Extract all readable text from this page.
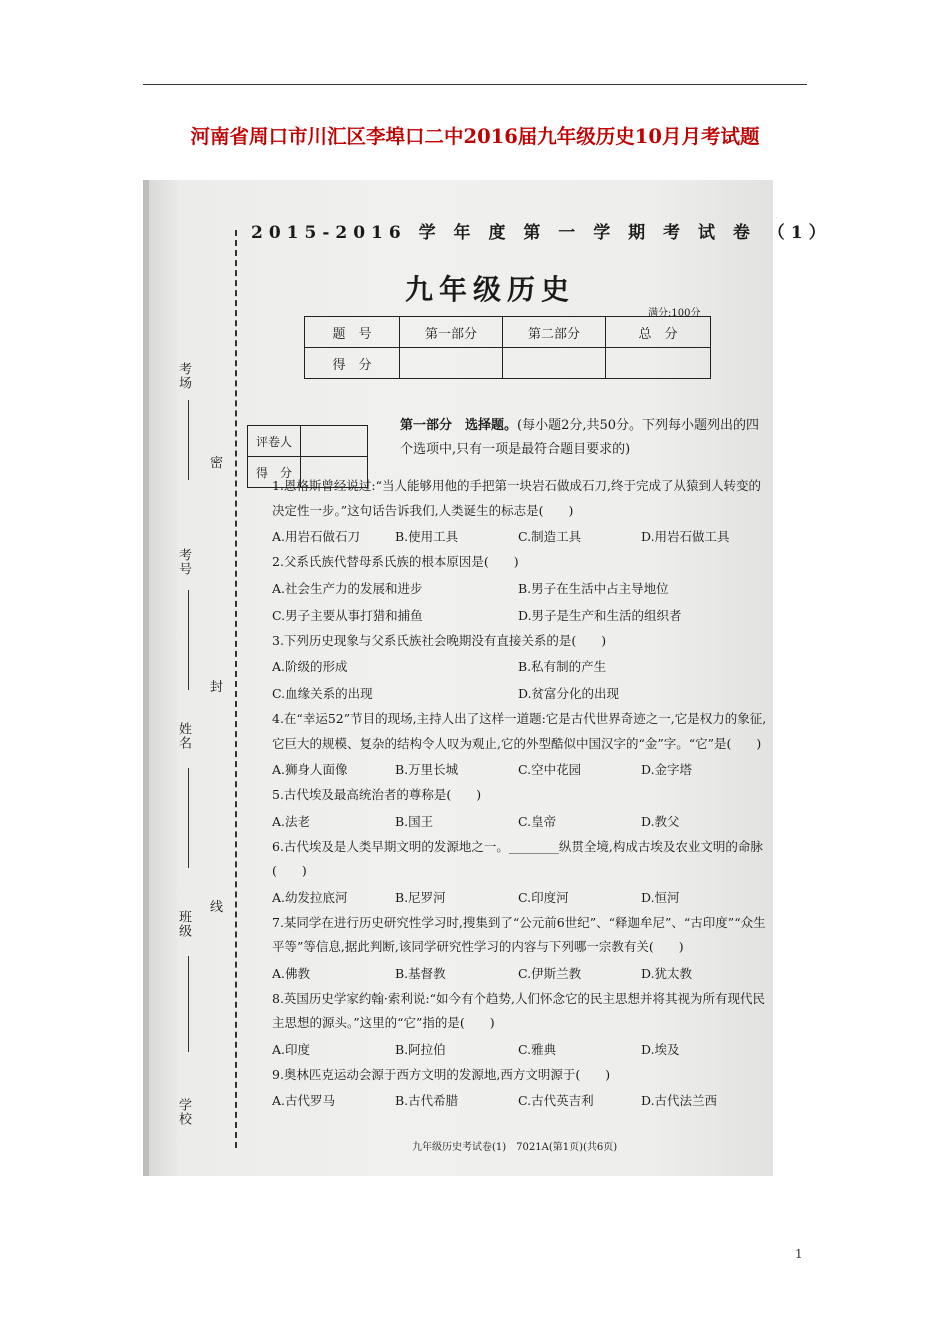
河南省周口市川汇区李埠口二中2016届九年级历史10月月考试题
考场
考号
姓名
班级
学校
密
封
线
2015-2016 学 年 度 第 一 学 期 考 试 卷 （1）
九年级历史
满分:100分
题　号	第一部分	第二部分	总　分
得　分			
评卷人	
得　分	
第一部分　选择题。(每小题2分,共50分。下列每小题列出的四个选项中,只有一项是最符合题目要求的)
1.恩格斯曾经说过:“当人能够用他的手把第一块岩石做成石刀,终于完成了从猿到人转变的决定性一步。”这句话告诉我们,人类诞生的标志是(　　)
A.用岩石做石刀	B.使用工具	C.制造工具	D.用岩石做工具
2.父系氏族代替母系氏族的根本原因是(　　)
A.社会生产力的发展和进步	B.男子在生活中占主导地位
C.男子主要从事打猎和捕鱼	D.男子是生产和生活的组织者
3.下列历史现象与父系氏族社会晚期没有直接关系的是(　　)
A.阶级的形成	B.私有制的产生
C.血缘关系的出现	D.贫富分化的出现
4.在“幸运52”节目的现场,主持人出了这样一道题:它是古代世界奇迹之一,它是权力的象征,它巨大的规模、复杂的结构令人叹为观止,它的外型酷似中国汉字的“金”字。“它”是(　　)
A.狮身人面像	B.万里长城	C.空中花园	D.金字塔
5.古代埃及最高统治者的尊称是(　　)
A.法老	B.国王	C.皇帝	D.教父
6.古代埃及是人类早期文明的发源地之一。________纵贯全境,构成古埃及农业文明的命脉(　　)
A.幼发拉底河	B.尼罗河	C.印度河	D.恒河
7.某同学在进行历史研究性学习时,搜集到了“公元前6世纪”、“释迦牟尼”、“古印度”“众生平等”等信息,据此判断,该同学研究性学习的内容与下列哪一宗教有关(　　)
A.佛教	B.基督教	C.伊斯兰教	D.犹太教
8.英国历史学家约翰·索利说:“如今有个趋势,人们怀念它的民主思想并将其视为所有现代民主思想的源头。”这里的“它”指的是(　　)
A.印度	B.阿拉伯	C.雅典	D.埃及
9.奥林匹克运动会源于西方文明的发源地,西方文明源于(　　)
A.古代罗马	B.古代希腊	C.古代英吉利	D.古代法兰西
九年级历史考试卷(1)　7021A(第1页)(共6页)
1
